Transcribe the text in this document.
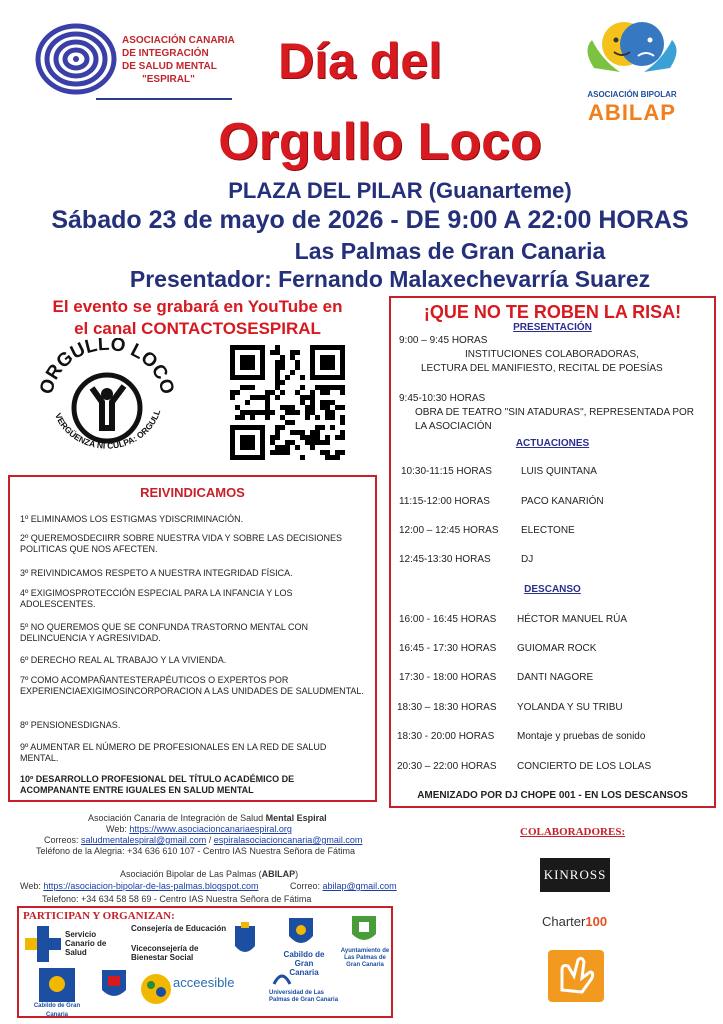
ASOCIACIÓN CANARIA
DE INTEGRACIÓN
DE SALUD MENTAL
"ESPIRAL"
ASOCIACIÓN BIPOLAR
ABILAP
Día del
Orgullo Loco
PLAZA DEL PILAR (Guanarteme)
Sábado 23 de mayo de 2026 - DE 9:00 A 22:00 HORAS
Las Palmas de Gran Canaria
Presentador: Fernando Malaxechevarría Suarez
El evento se grabará en YouTube en
el canal CONTACTOSESPIRAL
ORGULLO LOCO
VERGÜENZA NI CULPA: ORGULL
REIVINDICAMOS
1º ELIMINAMOS LOS ESTIGMAS YDISCRIMINACIÓN.
2º QUEREMOSDECIIRR SOBRE NUESTRA VIDA Y SOBRE LAS DECISIONES POLITICAS QUE NOS AFECTEN.
3º REIVINDICAMOS RESPETO A NUESTRA INTEGRIDAD FÍSICA.
4º EXIGIMOSPROTECCIÓN ESPECIAL PARA LA INFANCIA Y LOS ADOLESCENTES.
5º NO QUEREMOS QUE SE CONFUNDA TRASTORNO MENTAL CON DELINCUENCIA Y AGRESIVIDAD.
6º DERECHO REAL AL TRABAJO Y LA VIVIENDA.
7º COMO ACOMPAÑANTESTERAPÉUTICOS O EXPERTOS POR EXPERIENCIAEXIGIMOSINCORPORACION A LAS UNIDADES DE SALUDMENTAL.
8º PENSIONESDIGNAS.
9º AUMENTAR EL NÚMERO DE PROFESIONALES EN LA RED DE SALUD MENTAL.
10º DESARROLLO PROFESIONAL DEL TÍTULO ACADÉMICO DE ACOMPANANTE ENTRE IGUALES EN SALUD MENTAL
¡QUE NO TE ROBEN LA RISA!
PRESENTACIÓN
9:00 – 9:45 HORAS
INSTITUCIONES COLABORADORAS,
LECTURA DEL MANIFIESTO, RECITAL DE POESÍAS
9:45-10:30 HORAS
OBRA DE TEATRO "SIN ATADURAS", REPRESENTADA POR
LA ASOCIACIÓN
ACTUACIONES
10:30-11:15 HORAS	LUIS QUINTANA
11:15-12:00 HORAS	PACO KANARIÓN
12:00 – 12:45 HORAS ELECTONE
12:45-13:30 HORAS	DJ
DESCANSO
16:00 - 16:45 HORAS HÉCTOR MANUEL RÚA
16:45 - 17:30 HORAS GUIOMAR ROCK
17:30 - 18:00 HORAS DANTI NAGORE
18:30 – 18:30 HORAS YOLANDA Y SU TRIBU
18:30 - 20:00 HORAS Montaje y pruebas de sonido
20:30 – 22:00 HORAS CONCIERTO DE LOS LOLAS
AMENIZADO POR DJ CHOPE 001 - EN LOS DESCANSOS
Asociación Canaria de Integración de Salud Mental Espiral
Web: https://www.asociacioncanariaespiral.org
Correos: saludmentalespiral@gmail.com / espiralasociacioncanaria@gmail.com
Teléfono de la Alegria: +34 636 610 107 - Centro IAS Nuestra Señora de Fátima
Asociación Bipolar de Las Palmas (ABILAP)
Web: https://asociacion-bipolar-de-las-palmas.blogspot.com	Correo: abilap@gmail.com
Telefono: +34 634 58 58 69 - Centro IAS Nuestra Señora de Fátima
COLABORADORES:
KINROSS
Charter100
PARTICIPAN Y ORGANIZAN:
Servicio Canario de Salud
Consejería de Educación
Viceconsejería de Bienestar Social	Cabildo de Gran Canaria
Ayuntamiento de Las Palmas de Gran Canaria
Cabildo de Gran Canaria
acceesible
Universidad de Las Palmas de Gran Canaria
